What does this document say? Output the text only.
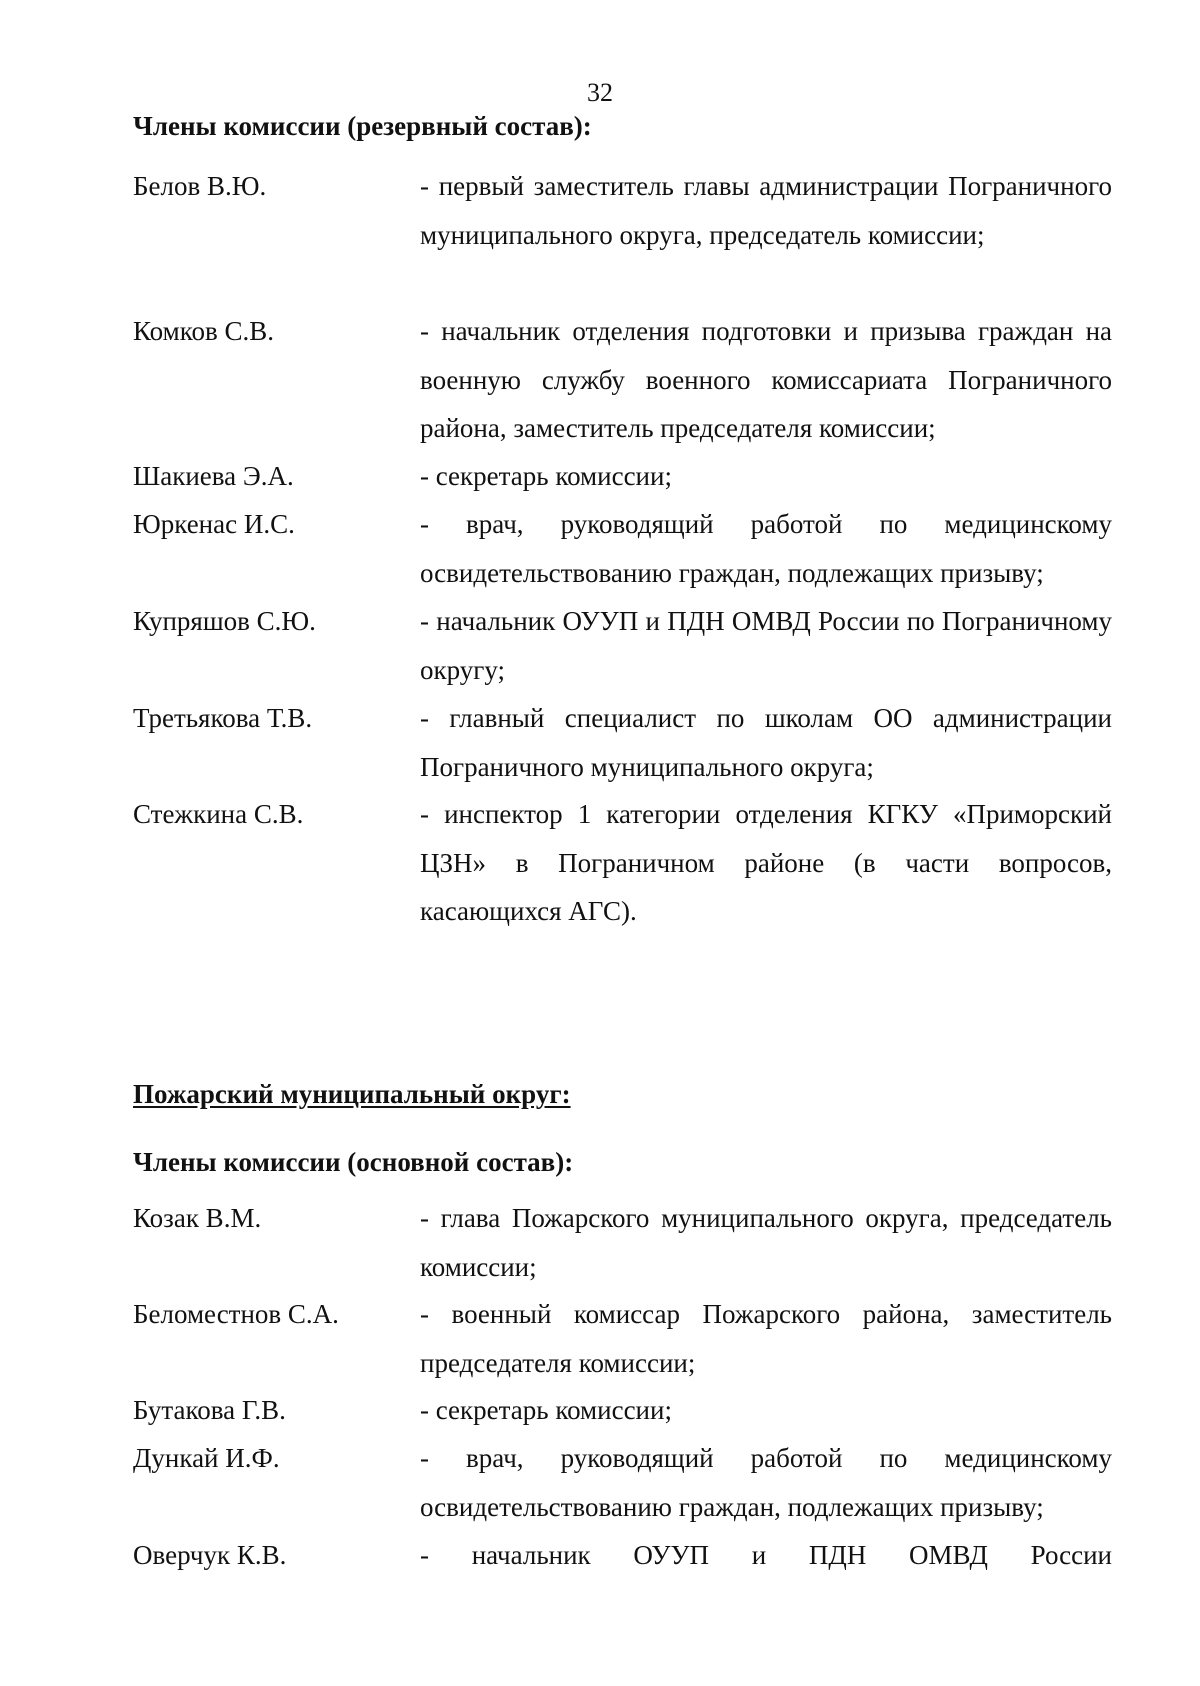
32
Члены комиссии (резервный состав):
Белов В.Ю.	- первый заместитель главы администрации Пограничного муниципального округа, председатель комиссии;
Комков С.В.	- начальник отделения подготовки и призыва граждан на военную службу военного комиссариата Пограничного района, заместитель председателя комиссии;
Шакиева Э.А.	- секретарь комиссии;
Юркенас И.С.	- врач, руководящий работой по медицинскому освидетельствованию граждан, подлежащих призыву;
Купряшов С.Ю.	- начальник ОУУП и ПДН ОМВД России по Пограничному округу;
Третьякова Т.В.	- главный специалист по школам ОО администрации Пограничного муниципального округа;
Стежкина С.В.	- инспектор 1 категории отделения КГКУ «Приморский ЦЗН» в Пограничном районе (в части вопросов, касающихся АГС).
Пожарский муниципальный округ:
Члены комиссии (основной состав):
Козак В.М.	- глава Пожарского муниципального округа, председатель комиссии;
Беломестнов С.А.	- военный комиссар Пожарского района, заместитель председателя комиссии;
Бутакова Г.В.	- секретарь комиссии;
Дункай И.Ф.	- врач, руководящий работой по медицинскому освидетельствованию граждан, подлежащих призыву;
Оверчук К.В.	- начальник ОУУП и ПДН ОМВД России
